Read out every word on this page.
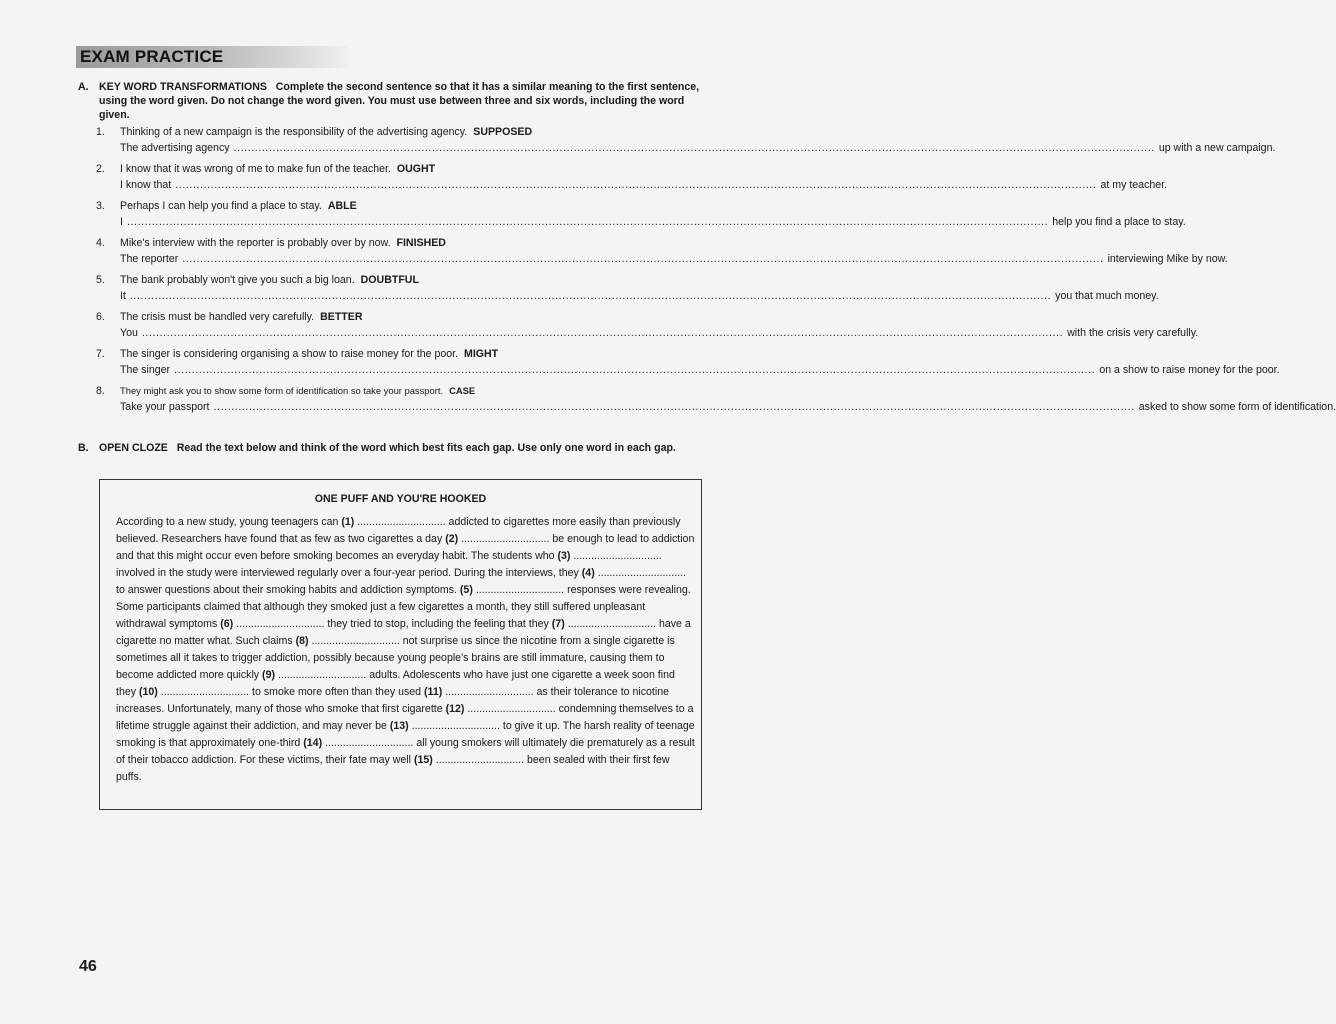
EXAM PRACTICE
A. KEY WORD TRANSFORMATIONS Complete the second sentence so that it has a similar meaning to the first sentence, using the word given. Do not change the word given. You must use between three and six words, including the word given.
1. Thinking of a new campaign is the responsibility of the advertising agency. SUPPOSED
The advertising agency .................................................................................................................................................................................................................................................................... up with a new campaign.
2. I know that it was wrong of me to make fun of the teacher. OUGHT
I know that .................................................................................................................................................................................................................................................................... at my teacher.
3. Perhaps I can help you find a place to stay. ABLE
I .................................................................................................................................................................................................................................................................... help you find a place to stay.
4. Mike's interview with the reporter is probably over by now. FINISHED
The reporter .................................................................................................................................................................................................................................................................... interviewing Mike by now.
5. The bank probably won't give you such a big loan. DOUBTFUL
It .................................................................................................................................................................................................................................................................... you that much money.
6. The crisis must be handled very carefully. BETTER
You .................................................................................................................................................................................................................................................................... with the crisis very carefully.
7. The singer is considering organising a show to raise money for the poor. MIGHT
The singer .................................................................................................................................................................................................................................................................... on a show to raise money for the poor.
8. They might ask you to show some form of identification so take your passport. CASE
Take your passport .................................................................................................................................................................................................................................................................... asked to show some form of identification.
B. OPEN CLOZE Read the text below and think of the word which best fits each gap. Use only one word in each gap.
ONE PUFF AND YOU'RE HOOKED

According to a new study, young teenagers can (1) .............................. addicted to cigarettes more easily than previously believed. Researchers have found that as few as two cigarettes a day (2) .............................. be enough to lead to addiction and that this might occur even before smoking becomes an everyday habit. The students who (3) .............................. involved in the study were interviewed regularly over a four-year period. During the interviews, they (4) .............................. to answer questions about their smoking habits and addiction symptoms. (5) .............................. responses were revealing. Some participants claimed that although they smoked just a few cigarettes a month, they still suffered unpleasant withdrawal symptoms (6) .............................. they tried to stop, including the feeling that they (7) .............................. have a cigarette no matter what. Such claims (8) .............................. not surprise us since the nicotine from a single cigarette is sometimes all it takes to trigger addiction, possibly because young people's brains are still immature, causing them to become addicted more quickly (9) .............................. adults. Adolescents who have just one cigarette a week soon find they (10) .............................. to smoke more often than they used (11) .............................. as their tolerance to nicotine increases. Unfortunately, many of those who smoke that first cigarette (12) .............................. condemning themselves to a lifetime struggle against their addiction, and may never be (13) .............................. to give it up. The harsh reality of teenage smoking is that approximately one-third (14) .............................. all young smokers will ultimately die prematurely as a result of their tobacco addiction. For these victims, their fate may well (15) .............................. been sealed with their first few puffs.

46
